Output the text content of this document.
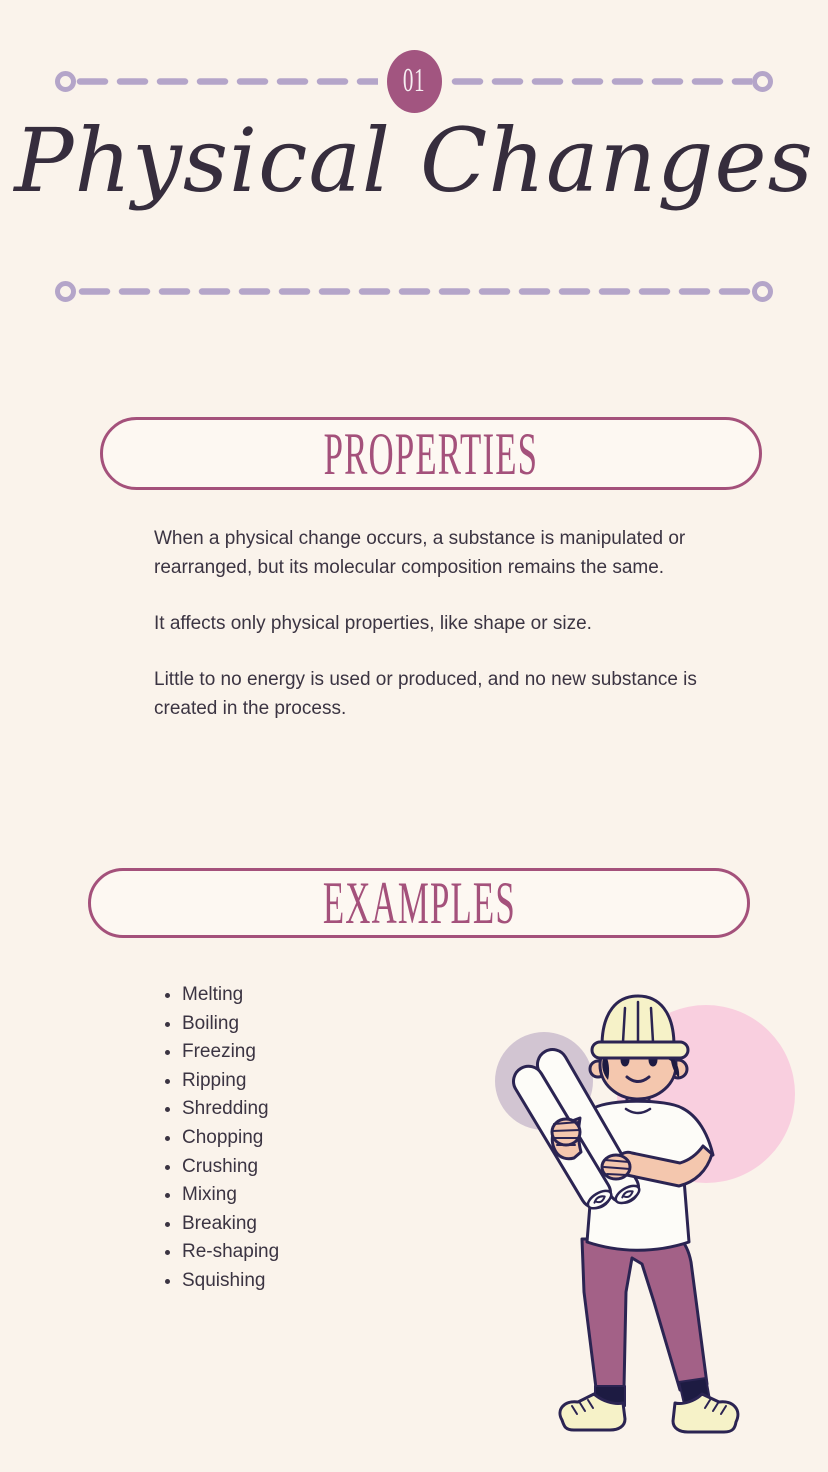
01
Physical Changes
PROPERTIES

When a physical change occurs, a substance is manipulated or rearranged, but its molecular composition remains the same.

It affects only physical properties, like shape or size.

Little to no energy is used or produced, and no new substance is created in the process.

EXAMPLES
• Melting
• Boiling
• Freezing
• Ripping
• Shredding
• Chopping
• Crushing
• Mixing
• Breaking
• Re-shaping
• Squishing
